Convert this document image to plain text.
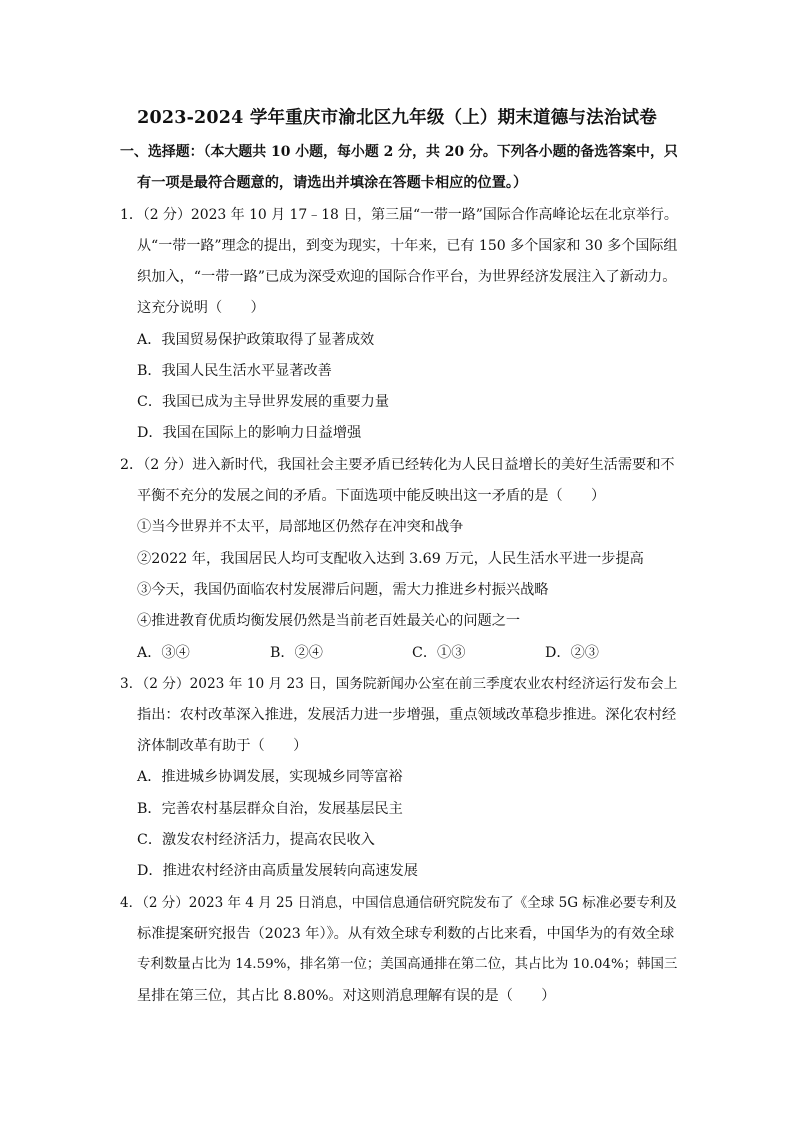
2023-2024 学年重庆市渝北区九年级（上）期末道德与法治试卷
一、选择题：（本大题共 10 小题，每小题 2 分，共 20 分。下列各小题的备选答案中，只
有一项是最符合题意的，请选出并填涂在答题卡相应的位置。）
1．（2 分）2023 年 10 月 17﹣18 日，第三届“一带一路”国际合作高峰论坛在北京举行。
从“一带一路”理念的提出，到变为现实，十年来，已有 150 多个国家和 30 多个国际组
织加入，“一带一路”已成为深受欢迎的国际合作平台，为世界经济发展注入了新动力。
这充分说明（　　）
A．我国贸易保护政策取得了显著成效
B．我国人民生活水平显著改善
C．我国已成为主导世界发展的重要力量
D．我国在国际上的影响力日益增强
2．（2 分）进入新时代，我国社会主要矛盾已经转化为人民日益增长的美好生活需要和不
平衡不充分的发展之间的矛盾。下面选项中能反映出这一矛盾的是（　　）
①当今世界并不太平，局部地区仍然存在冲突和战争
②2022 年，我国居民人均可支配收入达到 3.69 万元，人民生活水平进一步提高
③今天，我国仍面临农村发展滞后问题，需大力推进乡村振兴战略
④推进教育优质均衡发展仍然是当前老百姓最关心的问题之一
A．③④	B．②④	C．①③	D．②③
3．（2 分）2023 年 10 月 23 日，国务院新闻办公室在前三季度农业农村经济运行发布会上
指出：农村改革深入推进，发展活力进一步增强，重点领域改革稳步推进。深化农村经
济体制改革有助于（　　）
A．推进城乡协调发展，实现城乡同等富裕
B．完善农村基层群众自治，发展基层民主
C．激发农村经济活力，提高农民收入
D．推进农村经济由高质量发展转向高速发展
4．（2 分）2023 年 4 月 25 日消息，中国信息通信研究院发布了《全球 5G 标准必要专利及
标准提案研究报告（2023 年）》。从有效全球专利数的占比来看，中国华为的有效全球
专利数量占比为 14.59%，排名第一位；美国高通排在第二位，其占比为 10.04%；韩国三
星排在第三位，其占比 8.80%。对这则消息理解有误的是（　　）
